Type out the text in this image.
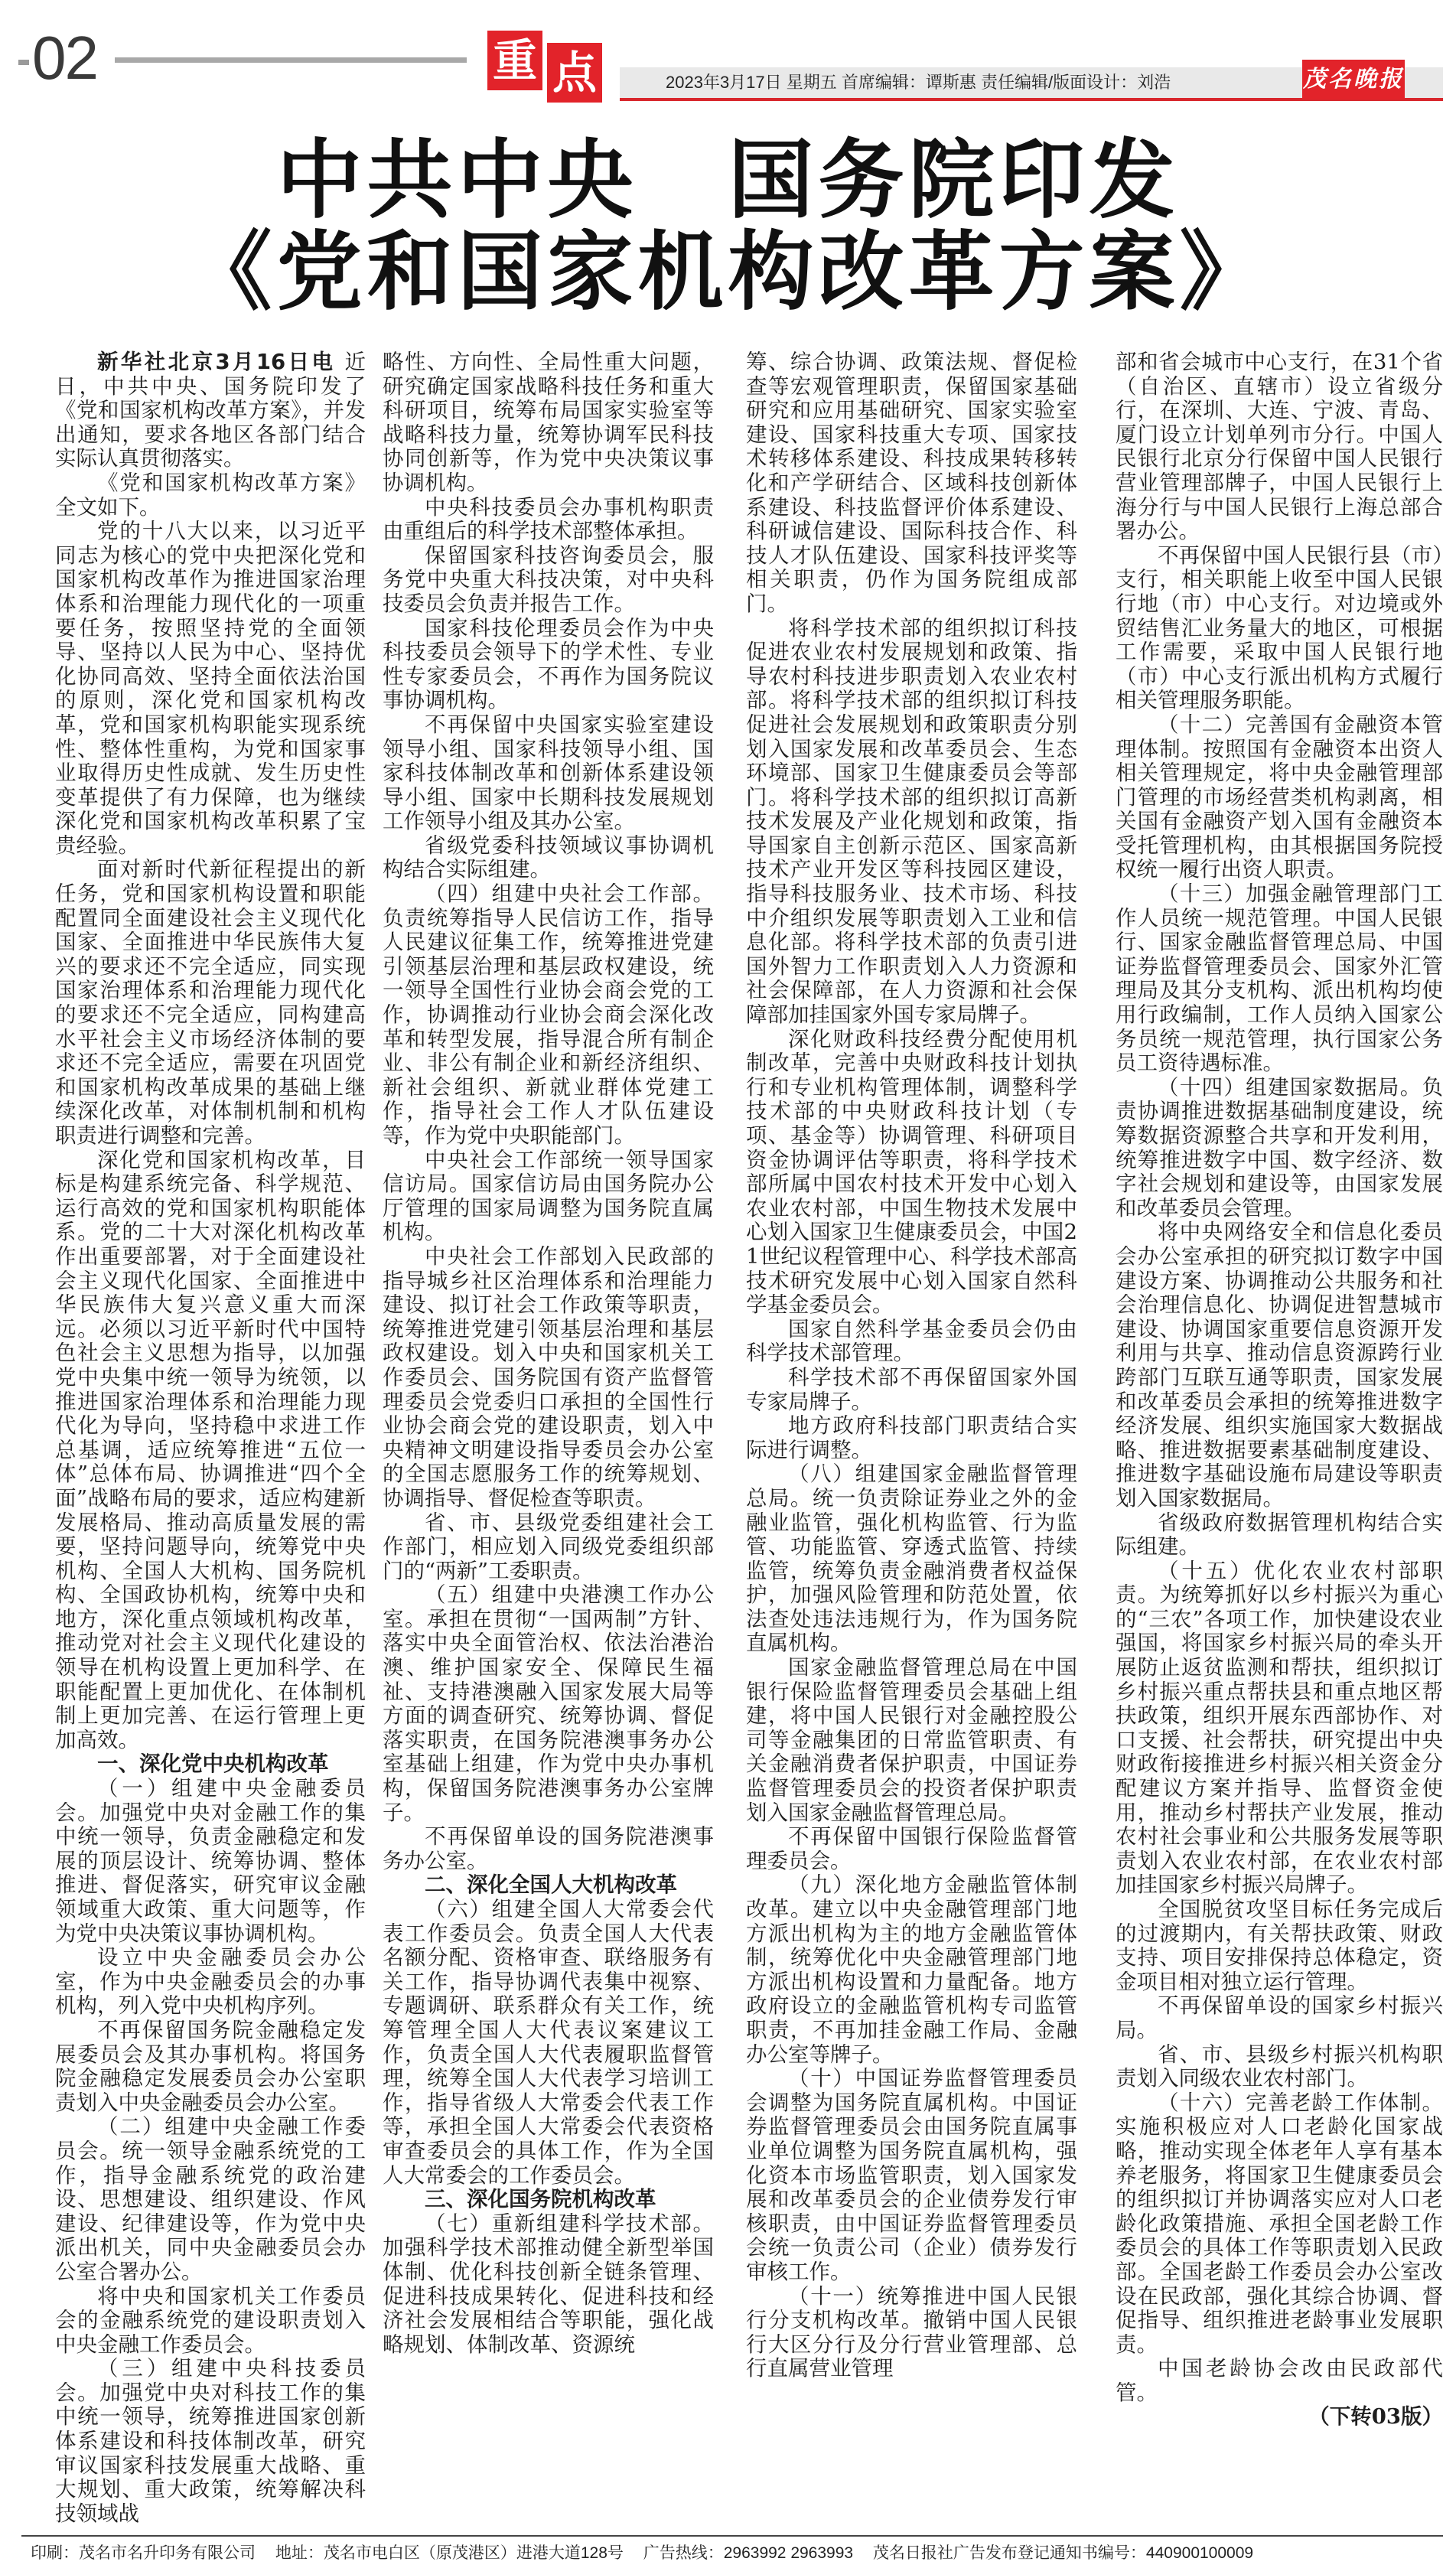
02	重 点	2023年3月17日 星期五 首席编辑：谭斯惠 责任编辑/版面设计：刘浩	茂名晚报
中共中央　国务院印发
《党和国家机构改革方案》

新华社北京3月16日电 近日，中共中央、国务院印发了《党和国家机构改革方案》，并发出通知，要求各地区各部门结合实际认真贯彻落实。

《党和国家机构改革方案》全文如下。

党的十八大以来，以习近平同志为核心的党中央把深化党和国家机构改革作为推进国家治理体系和治理能力现代化的一项重要任务，按照坚持党的全面领导、坚持以人民为中心、坚持优化协同高效、坚持全面依法治国的原则，深化党和国家机构改革，党和国家机构职能实现系统性、整体性重构，为党和国家事业取得历史性成就、发生历史性变革提供了有力保障，也为继续深化党和国家机构改革积累了宝贵经验。

面对新时代新征程提出的新任务，党和国家机构设置和职能配置同全面建设社会主义现代化国家、全面推进中华民族伟大复兴的要求还不完全适应，同实现国家治理体系和治理能力现代化的要求还不完全适应，同构建高水平社会主义市场经济体制的要求还不完全适应，需要在巩固党和国家机构改革成果的基础上继续深化改革，对体制机制和机构职责进行调整和完善。

深化党和国家机构改革，目标是构建系统完备、科学规范、运行高效的党和国家机构职能体系。党的二十大对深化机构改革作出重要部署，对于全面建设社会主义现代化国家、全面推进中华民族伟大复兴意义重大而深远。必须以习近平新时代中国特色社会主义思想为指导，以加强党中央集中统一领导为统领，以推进国家治理体系和治理能力现代化为导向，坚持稳中求进工作总基调，适应统筹推进“五位一体”总体布局、协调推进“四个全面”战略布局的要求，适应构建新发展格局、推动高质量发展的需要，坚持问题导向，统筹党中央机构、全国人大机构、国务院机构、全国政协机构，统筹中央和地方，深化重点领域机构改革，推动党对社会主义现代化建设的领导在机构设置上更加科学、在职能配置上更加优化、在体制机制上更加完善、在运行管理上更加高效。

一、深化党中央机构改革

（一）组建中央金融委员会。加强党中央对金融工作的集中统一领导，负责金融稳定和发展的顶层设计、统筹协调、整体推进、督促落实，研究审议金融领域重大政策、重大问题等，作为党中央决策议事协调机构。

设立中央金融委员会办公室，作为中央金融委员会的办事机构，列入党中央机构序列。

不再保留国务院金融稳定发展委员会及其办事机构。将国务院金融稳定发展委员会办公室职责划入中央金融委员会办公室。

（二）组建中央金融工作委员会。统一领导金融系统党的工作，指导金融系统党的政治建设、思想建设、组织建设、作风建设、纪律建设等，作为党中央派出机关，同中央金融委员会办公室合署办公。

将中央和国家机关工作委员会的金融系统党的建设职责划入中央金融工作委员会。

（三）组建中央科技委员会。加强党中央对科技工作的集中统一领导，统筹推进国家创新体系建设和科技体制改革，研究审议国家科技发展重大战略、重大规划、重大政策，统筹解决科技领域战

略性、方向性、全局性重大问题，研究确定国家战略科技任务和重大科研项目，统筹布局国家实验室等战略科技力量，统筹协调军民科技协同创新等，作为党中央决策议事协调机构。

中央科技委员会办事机构职责由重组后的科学技术部整体承担。

保留国家科技咨询委员会，服务党中央重大科技决策，对中央科技委员会负责并报告工作。

国家科技伦理委员会作为中央科技委员会领导下的学术性、专业性专家委员会，不再作为国务院议事协调机构。

不再保留中央国家实验室建设领导小组、国家科技领导小组、国家科技体制改革和创新体系建设领导小组、国家中长期科技发展规划工作领导小组及其办公室。

省级党委科技领域议事协调机构结合实际组建。

（四）组建中央社会工作部。负责统筹指导人民信访工作，指导人民建议征集工作，统筹推进党建引领基层治理和基层政权建设，统一领导全国性行业协会商会党的工作，协调推动行业协会商会深化改革和转型发展，指导混合所有制企业、非公有制企业和新经济组织、新社会组织、新就业群体党建工作，指导社会工作人才队伍建设等，作为党中央职能部门。

中央社会工作部统一领导国家信访局。国家信访局由国务院办公厅管理的国家局调整为国务院直属机构。

中央社会工作部划入民政部的指导城乡社区治理体系和治理能力建设、拟订社会工作政策等职责，统筹推进党建引领基层治理和基层政权建设。划入中央和国家机关工作委员会、国务院国有资产监督管理委员会党委归口承担的全国性行业协会商会党的建设职责，划入中央精神文明建设指导委员会办公室的全国志愿服务工作的统筹规划、协调指导、督促检查等职责。

省、市、县级党委组建社会工作部门，相应划入同级党委组织部门的“两新”工委职责。

（五）组建中央港澳工作办公室。承担在贯彻“一国两制”方针、落实中央全面管治权、依法治港治澳、维护国家安全、保障民生福祉、支持港澳融入国家发展大局等方面的调查研究、统筹协调、督促落实职责，在国务院港澳事务办公室基础上组建，作为党中央办事机构，保留国务院港澳事务办公室牌子。

不再保留单设的国务院港澳事务办公室。

二、深化全国人大机构改革

（六）组建全国人大常委会代表工作委员会。负责全国人大代表名额分配、资格审查、联络服务有关工作，指导协调代表集中视察、专题调研、联系群众有关工作，统筹管理全国人大代表议案建议工作，负责全国人大代表履职监督管理，统筹全国人大代表学习培训工作，指导省级人大常委会代表工作等，承担全国人大常委会代表资格审查委员会的具体工作，作为全国人大常委会的工作委员会。

三、深化国务院机构改革

（七）重新组建科学技术部。加强科学技术部推动健全新型举国体制、优化科技创新全链条管理、促进科技成果转化、促进科技和经济社会发展相结合等职能，强化战略规划、体制改革、资源统

筹、综合协调、政策法规、督促检查等宏观管理职责，保留国家基础研究和应用基础研究、国家实验室建设、国家科技重大专项、国家技术转移体系建设、科技成果转移转化和产学研结合、区域科技创新体系建设、科技监督评价体系建设、科研诚信建设、国际科技合作、科技人才队伍建设、国家科技评奖等相关职责，仍作为国务院组成部门。

将科学技术部的组织拟订科技促进农业农村发展规划和政策、指导农村科技进步职责划入农业农村部。将科学技术部的组织拟订科技促进社会发展规划和政策职责分别划入国家发展和改革委员会、生态环境部、国家卫生健康委员会等部门。将科学技术部的组织拟订高新技术发展及产业化规划和政策，指导国家自主创新示范区、国家高新技术产业开发区等科技园区建设，指导科技服务业、技术市场、科技中介组织发展等职责划入工业和信息化部。将科学技术部的负责引进国外智力工作职责划入人力资源和社会保障部，在人力资源和社会保障部加挂国家外国专家局牌子。

深化财政科技经费分配使用机制改革，完善中央财政科技计划执行和专业机构管理体制，调整科学技术部的中央财政科技计划（专项、基金等）协调管理、科研项目资金协调评估等职责，将科学技术部所属中国农村技术开发中心划入农业农村部，中国生物技术发展中心划入国家卫生健康委员会，中国21世纪议程管理中心、科学技术部高技术研究发展中心划入国家自然科学基金委员会。

国家自然科学基金委员会仍由科学技术部管理。

科学技术部不再保留国家外国专家局牌子。

地方政府科技部门职责结合实际进行调整。

（八）组建国家金融监督管理总局。统一负责除证券业之外的金融业监管，强化机构监管、行为监管、功能监管、穿透式监管、持续监管，统筹负责金融消费者权益保护，加强风险管理和防范处置，依法查处违法违规行为，作为国务院直属机构。

国家金融监督管理总局在中国银行保险监督管理委员会基础上组建，将中国人民银行对金融控股公司等金融集团的日常监管职责、有关金融消费者保护职责，中国证券监督管理委员会的投资者保护职责划入国家金融监督管理总局。

不再保留中国银行保险监督管理委员会。

（九）深化地方金融监管体制改革。建立以中央金融管理部门地方派出机构为主的地方金融监管体制，统筹优化中央金融管理部门地方派出机构设置和力量配备。地方政府设立的金融监管机构专司监管职责，不再加挂金融工作局、金融办公室等牌子。

（十）中国证券监督管理委员会调整为国务院直属机构。中国证券监督管理委员会由国务院直属事业单位调整为国务院直属机构，强化资本市场监管职责，划入国家发展和改革委员会的企业债券发行审核职责，由中国证券监督管理委员会统一负责公司（企业）债券发行审核工作。

（十一）统筹推进中国人民银行分支机构改革。撤销中国人民银行大区分行及分行营业管理部、总行直属营业管理

部和省会城市中心支行，在31个省（自治区、直辖市）设立省级分行，在深圳、大连、宁波、青岛、厦门设立计划单列市分行。中国人民银行北京分行保留中国人民银行营业管理部牌子，中国人民银行上海分行与中国人民银行上海总部合署办公。

不再保留中国人民银行县（市）支行，相关职能上收至中国人民银行地（市）中心支行。对边境或外贸结售汇业务量大的地区，可根据工作需要，采取中国人民银行地（市）中心支行派出机构方式履行相关管理服务职能。

（十二）完善国有金融资本管理体制。按照国有金融资本出资人相关管理规定，将中央金融管理部门管理的市场经营类机构剥离，相关国有金融资产划入国有金融资本受托管理机构，由其根据国务院授权统一履行出资人职责。

（十三）加强金融管理部门工作人员统一规范管理。中国人民银行、国家金融监督管理总局、中国证券监督管理委员会、国家外汇管理局及其分支机构、派出机构均使用行政编制，工作人员纳入国家公务员统一规范管理，执行国家公务员工资待遇标准。

（十四）组建国家数据局。负责协调推进数据基础制度建设，统筹数据资源整合共享和开发利用，统筹推进数字中国、数字经济、数字社会规划和建设等，由国家发展和改革委员会管理。

将中央网络安全和信息化委员会办公室承担的研究拟订数字中国建设方案、协调推动公共服务和社会治理信息化、协调促进智慧城市建设、协调国家重要信息资源开发利用与共享、推动信息资源跨行业跨部门互联互通等职责，国家发展和改革委员会承担的统筹推进数字经济发展、组织实施国家大数据战略、推进数据要素基础制度建设、推进数字基础设施布局建设等职责划入国家数据局。

省级政府数据管理机构结合实际组建。

（十五）优化农业农村部职责。为统筹抓好以乡村振兴为重心的“三农”各项工作，加快建设农业强国，将国家乡村振兴局的牵头开展防止返贫监测和帮扶，组织拟订乡村振兴重点帮扶县和重点地区帮扶政策，组织开展东西部协作、对口支援、社会帮扶，研究提出中央财政衔接推进乡村振兴相关资金分配建议方案并指导、监督资金使用，推动乡村帮扶产业发展，推动农村社会事业和公共服务发展等职责划入农业农村部，在农业农村部加挂国家乡村振兴局牌子。

全国脱贫攻坚目标任务完成后的过渡期内，有关帮扶政策、财政支持、项目安排保持总体稳定，资金项目相对独立运行管理。

不再保留单设的国家乡村振兴局。

省、市、县级乡村振兴机构职责划入同级农业农村部门。

（十六）完善老龄工作体制。实施积极应对人口老龄化国家战略，推动实现全体老年人享有基本养老服务，将国家卫生健康委员会的组织拟订并协调落实应对人口老龄化政策措施、承担全国老龄工作委员会的具体工作等职责划入民政部。全国老龄工作委员会办公室改设在民政部，强化其综合协调、督促指导、组织推进老龄事业发展职责。

中国老龄协会改由民政部代管。

（下转03版）

印刷：茂名市名升印务有限公司 地址：茂名市电白区（原茂港区）进港大道128号 广告热线：2963992 2963993 茂名日报社广告发布登记通知书编号：44090010000​9
